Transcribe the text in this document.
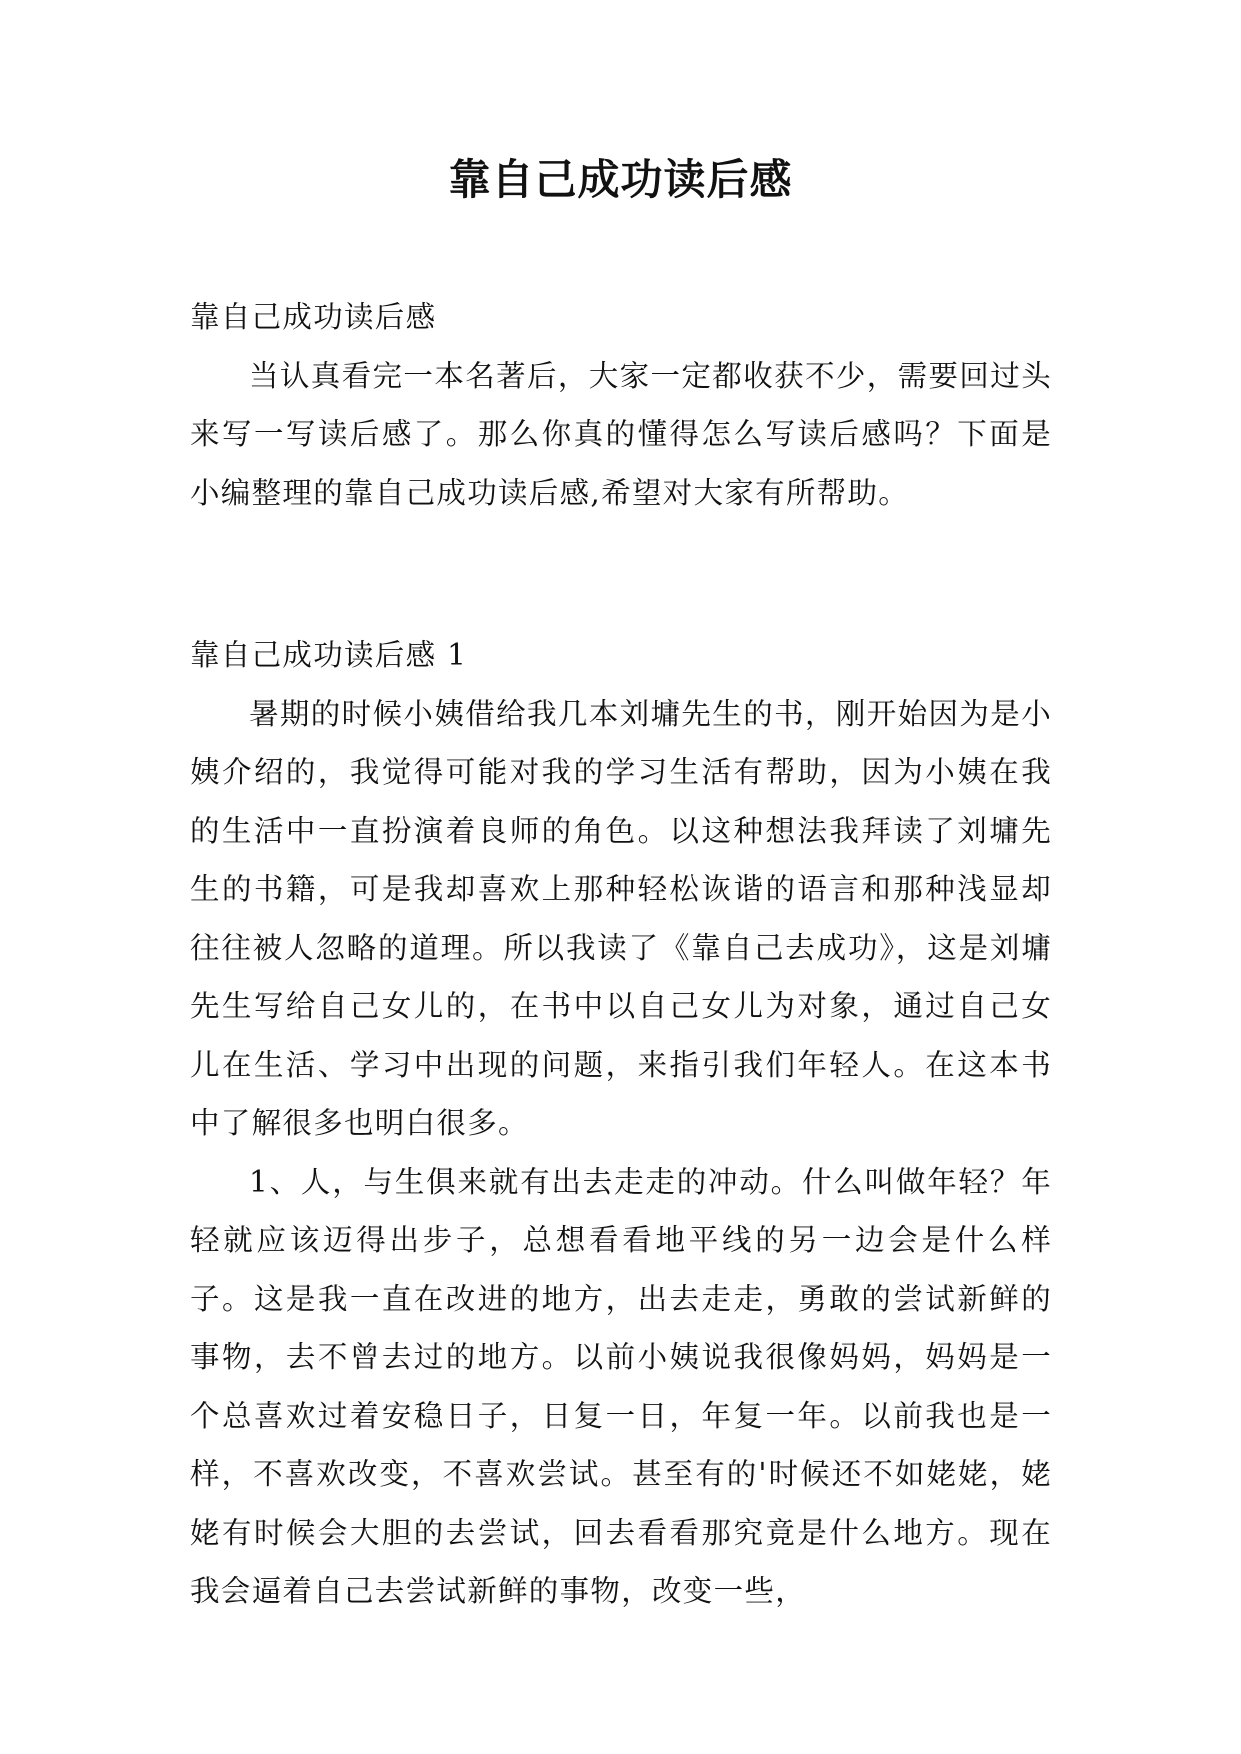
靠自己成功读后感

靠自己成功读后感

当认真看完一本名著后，大家一定都收获不少，需要回过头来写一写读后感了。那么你真的懂得怎么写读后感吗？下面是小编整理的靠自己成功读后感,希望对大家有所帮助。

靠自己成功读后感 1

暑期的时候小姨借给我几本刘墉先生的书，刚开始因为是小姨介绍的，我觉得可能对我的学习生活有帮助，因为小姨在我的生活中一直扮演着良师的角色。以这种想法我拜读了刘墉先生的书籍，可是我却喜欢上那种轻松诙谐的语言和那种浅显却往往被人忽略的道理。所以我读了《靠自己去成功》，这是刘墉先生写给自己女儿的，在书中以自己女儿为对象，通过自己女儿在生活、学习中出现的问题，来指引我们年轻人。在这本书中了解很多也明白很多。

1、人，与生俱来就有出去走走的冲动。什么叫做年轻？年轻就应该迈得出步子，总想看看地平线的另一边会是什么样子。这是我一直在改进的地方，出去走走，勇敢的尝试新鲜的事物，去不曾去过的地方。以前小姨说我很像妈妈，妈妈是一个总喜欢过着安稳日子，日复一日，年复一年。以前我也是一样，不喜欢改变，不喜欢尝试。甚至有的'时候还不如姥姥，姥姥有时候会大胆的去尝试，回去看看那究竟是什么地方。现在我会逼着自己去尝试新鲜的事物，改变一些，
